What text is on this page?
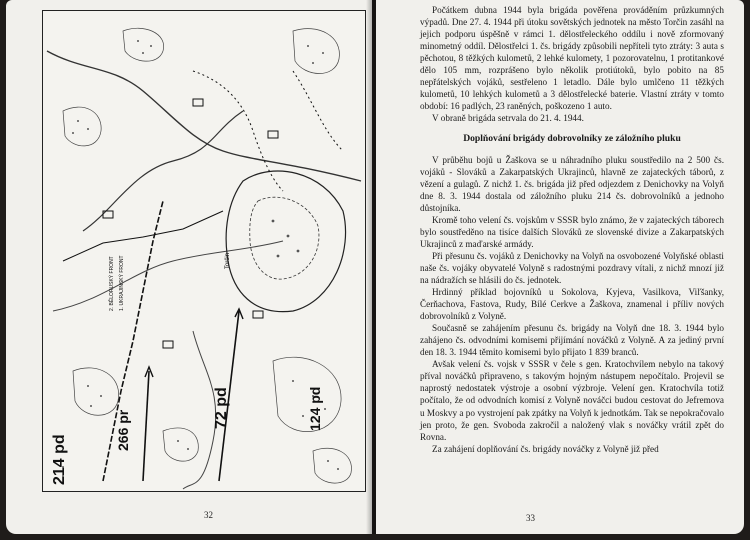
214 pd
266 pr
72 pd	124 pd
1. UKRAJINSKÝ FRONT
2. BĚLORUSKÝ FRONT	Torčin
32

Počátkem dubna 1944 byla brigáda pověřena prováděním průzkumných výpadů. Dne 27. 4. 1944 při útoku sovětských jednotek na město Torčin zasáhl na jejich podporu úspěšně v rámci 1. dělostřeleckého oddílu i nově zformovaný minometný oddíl. Dělostřelci 1. čs. brigády způsobili nepříteli tyto ztráty: 3 auta s pěchotou, 8 těžkých kulometů, 2 lehké kulomety, 1 pozorovatelnu, 1 protitankové dělo 105 mm, rozprášeno bylo několik protiútoků, bylo pobito na 85 nepřátelských vojáků, sestřeleno 1 letadlo. Dále bylo umlčeno 11 těžkých kulometů, 10 lehkých kulometů a 3 dělostřelecké baterie. Vlastní ztráty v tomto období: 16 padlých, 23 raněných, poškozeno 1 auto.

V obraně brigáda setrvala do 21. 4. 1944.

Doplňování brigády dobrovolníky ze záložního pluku

V průběhu bojů u Žaškova se u náhradního pluku soustředilo na 2 500 čs. vojáků - Slováků a Zakarpatských Ukrajinců, hlavně ze zajateckých táborů, z vězení a gulagů. Z nichž 1. čs. brigáda již před odjezdem z Denichovky na Volyň dne 8. 3. 1944 dostala od záložního pluku 214 čs. dobrovolníků a jednoho důstojníka.

Kromě toho velení čs. vojskům v SSSR bylo známo, že v zajateckých táborech bylo soustředěno na tisíce dalších Slováků ze slovenské divize a Zakarpatských Ukrajinců z maďarské armády.

Při přesunu čs. vojáků z Denichovky na Volyň na osvobozené Volyňské oblasti naše čs. vojáky obyvatelé Volyně s radostnými pozdravy vítali, z nichž mnozí již na nádražích se hlásili do čs. jednotek.

Hrdinný příklad bojovníků u Sokolova, Kyjeva, Vasilkova, Viľšanky, Čerňachova, Fastova, Rudy, Bílé Cerkve a Žaškova, znamenal i příliv nových dobrovolníků z Volyně.

Současně se zahájením přesunu čs. brigády na Volyň dne 18. 3. 1944 bylo zahájeno čs. odvodními komisemi přijímání nováčků z Volyně. A za jediný první den 18. 3. 1944 těmito komisemi bylo přijato 1 839 branců.

Avšak velení čs. vojsk v SSSR v čele s gen. Kratochvílem nebylo na takový příval nováčků připraveno, s takovým hojným nástupem nepočítalo. Projevil se naprostý nedostatek výstroje a osobní výzbroje. Velení gen. Kratochvíla totiž počítalo, že od odvodních komisí z Volyně nováčci budou cestovat do Jefremova u Moskvy a po vystrojení pak zpátky na Volyň k jednotkám. Tak se nepokračovalo jen proto, že gen. Svoboda zakročil a naložený vlak s nováčky vrátil zpět do Rovna.

Za zahájení doplňování čs. brigády nováčky z Volyně již před

33
